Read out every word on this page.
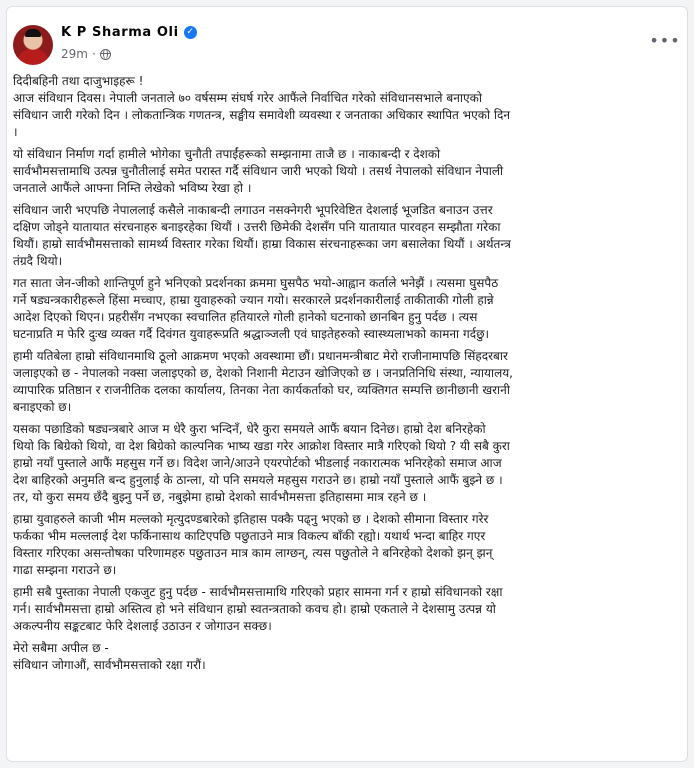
K P Sharma Oli ✓
29m ·
•••
दिदीबहिनी तथा दाजुभाइहरू !
आज संविधान दिवस। नेपाली जनताले ७० वर्षसम्म संघर्ष गरेर आफैंले निर्वाचित गरेको संविधानसभाले बनाएको
संविधान जारी गरेको दिन । लोकतान्त्रिक गणतन्त्र, सङ्घीय समावेशी व्यवस्था र जनताका अधिकार स्थापित भएको दिन
।
यो संविधान निर्माण गर्दा हामीले भोगेका चुनौती तपाईंहरूको सम्झनामा ताजै छ । नाकाबन्दी र देशको
सार्वभौमसत्तामाथि उत्पन्न चुनौतीलाई समेत परास्त गर्दै संविधान जारी भएको थियो । तसर्थ नेपालको संविधान नेपाली
जनताले आफैंले आफ्ना निम्ति लेखेको भविष्य रेखा हो ।
संविधान जारी भएपछि नेपाललाई कसैले नाकाबन्दी लगाउन नसक्नेगरी भूपरिवेष्टित देशलाई भूजडित बनाउन उत्तर
दक्षिण जोड्ने यातायात संरचनाहरु बनाइरहेका थियौं । उत्तरी छिमेकी देशसँग पनि यातायात पारवहन सम्झौता गरेका
थियौं। हाम्रो सार्वभौमसत्ताको सामर्थ्य विस्तार गरेका थियौं। हाम्रा विकास संरचनाहरूका जग बसालेका थियौं । अर्थतन्त्र
तंग्रदै थियो।
गत साता जेन-जीको शान्तिपूर्ण हुने भनिएको प्रदर्शनका क्रममा घुसपैठ भयो-आह्वान कर्ताले भनेझैं । त्यसमा घुसपैठ
गर्ने षड्यन्त्रकारीहरूले हिंसा मच्चाए, हाम्रा युवाहरुको ज्यान गयो। सरकारले प्रदर्शनकारीलाई ताकीताकी गोली हान्ने
आदेश दिएको थिएन। प्रहरीसँग नभएका स्वचालित हतियारले गोली हानेको घटनाको छानबिन हुनु पर्दछ । त्यस
घटनाप्रति म फेरि दुःख व्यक्त गर्दै दिवंगत युवाहरूप्रति श्रद्धाञ्जली एवं घाइतेहरुको स्वास्थ्यलाभको कामना गर्दछु।
हामी यतिबेला हाम्रो संविधानमाथि ठूलो आक्रमण भएको अवस्थामा छौं। प्रधानमन्त्रीबाट मेरो राजीनामापछि सिंहदरबार
जलाइएको छ - नेपालको नक्सा जलाइएको छ, देशको निशानी मेटाउन खोजिएको छ । जनप्रतिनिधि संस्था, न्यायालय,
व्यापारिक प्रतिष्ठान र राजनीतिक दलका कार्यालय, तिनका नेता कार्यकर्ताको घर, व्यक्तिगत सम्पत्ति छानीछानी खरानी
बनाइएको छ।
यसका पछाडिको षड्यन्त्रबारे आज म धेरै कुरा भन्दिनँ, धेरै कुरा समयले आफैं बयान दिनेछ। हाम्रो देश बनिरहेको
थियो कि बिग्रेको थियो, वा देश बिग्रेको काल्पनिक भाष्य खडा गरेर आक्रोश विस्तार मात्रै गरिएको थियो ? यी सबै कुरा
हाम्रो नयाँ पुस्ताले आफैं महसुस गर्ने छ। विदेश जाने/आउने एयरपोर्टको भीडलाई नकारात्मक भनिरहेको समाज आज
देश बाहिरको अनुमति बन्द हुनुलाई के ठान्ला, यो पनि समयले महसुस गराउने छ। हाम्रो नयाँ पुस्ताले आफैं बुझ्ने छ ।
तर, यो कुरा समय छँदै बुझ्नु पर्ने छ, नबुझेमा हाम्रो देशको सार्वभौमसत्ता इतिहासमा मात्र रहने छ ।
हाम्रा युवाहरुले काजी भीम मल्लको मृत्युदण्डबारेको इतिहास पक्कै पढ्नु भएको छ । देशको सीमाना विस्तार गरेर
फर्कका भीम मल्ललाई देश फर्किनासाथ काटिएपछि पछुताउने मात्र विकल्प बाँकी रह्यो। यथार्थ भन्दा बाहिर गएर
विस्तार गरिएका असन्तोषका परिणामहरु पछुताउन मात्र काम लाग्छन्, त्यस पछुतोले ने बनिरहेको देशको झन् झन्
गाढा सम्झना गराउने छ।
हामी सबै पुस्ताका नेपाली एकजुट हुनु पर्दछ - सार्वभौमसत्तामाथि गरिएको प्रहार सामना गर्न र हाम्रो संविधानको रक्षा
गर्न। सार्वभौमसत्ता हाम्रो अस्तित्व हो भने संविधान हाम्रो स्वतन्त्रताको कवच हो। हाम्रो एकताले ने देशसामु उत्पन्न यो
अकल्पनीय सङ्कटबाट फेरि देशलाई उठाउन र जोगाउन सक्छ।
मेरो सबैमा अपील छ -
संविधान जोगाऔं, सार्वभौमसत्ताको रक्षा गरौं।
